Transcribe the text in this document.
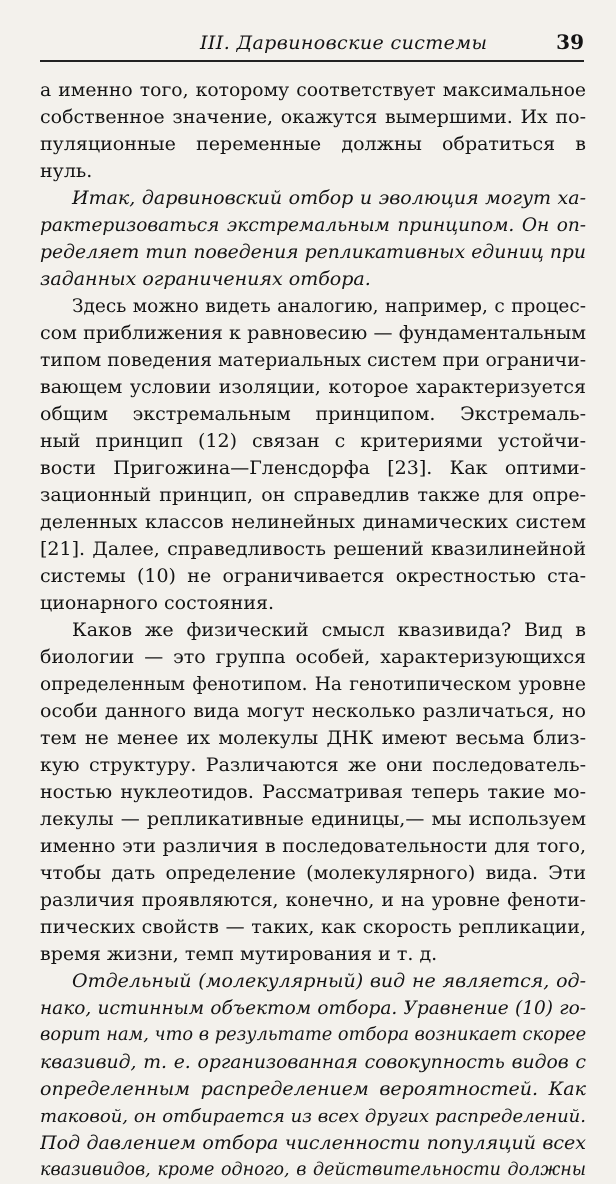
III. Дарвиновские системы	39

а именно того, которому соответствует максимальное

собственное значение, окажутся вымершими. Их по-

пуляционные переменные должны обратиться в

нуль.

Итак, дарвиновский отбор и эволюция могут ха-

рактеризоваться экстремальным принципом. Он оп-

ределяет тип поведения репликативных единиц при

заданных ограничениях отбора.

Здесь можно видеть аналогию, например, с процес-

сом приближения к равновесию — фундаментальным

типом поведения материальных систем при ограничи-

вающем условии изоляции, которое характеризуется

общим экстремальным принципом. Экстремаль-

ный принцип (12) связан с критериями устойчи-

вости Пригожина—Гленсдорфа [23]. Как оптими-

зационный принцип, он справедлив также для опре-

деленных классов нелинейных динамических систем

[21]. Далее, справедливость решений квазилинейной

системы (10) не ограничивается окрестностью ста-

ционарного состояния.

Каков же физический смысл квазивида? Вид в

биологии — это группа особей, характеризующихся

определенным фенотипом. На генотипическом уровне

особи данного вида могут несколько различаться, но

тем не менее их молекулы ДНК имеют весьма близ-

кую структуру. Различаются же они последователь-

ностью нуклеотидов. Рассматривая теперь такие мо-

лекулы — репликативные единицы,— мы используем

именно эти различия в последовательности для того,

чтобы дать определение (молекулярного) вида. Эти

различия проявляются, конечно, и на уровне феноти-

пических свойств — таких, как скорость репликации,

время жизни, темп мутирования и т. д.

Отдельный (молекулярный) вид не является, од-

нако, истинным объектом отбора. Уравнение (10) го-

ворит нам, что в результате отбора возникает скорее

квазивид, т. е. организованная совокупность видов с

определенным распределением вероятностей. Как

таковой, он отбирается из всех других распределений.

Под давлением отбора численности популяций всех

квазивидов, кроме одного, в действительности должны
